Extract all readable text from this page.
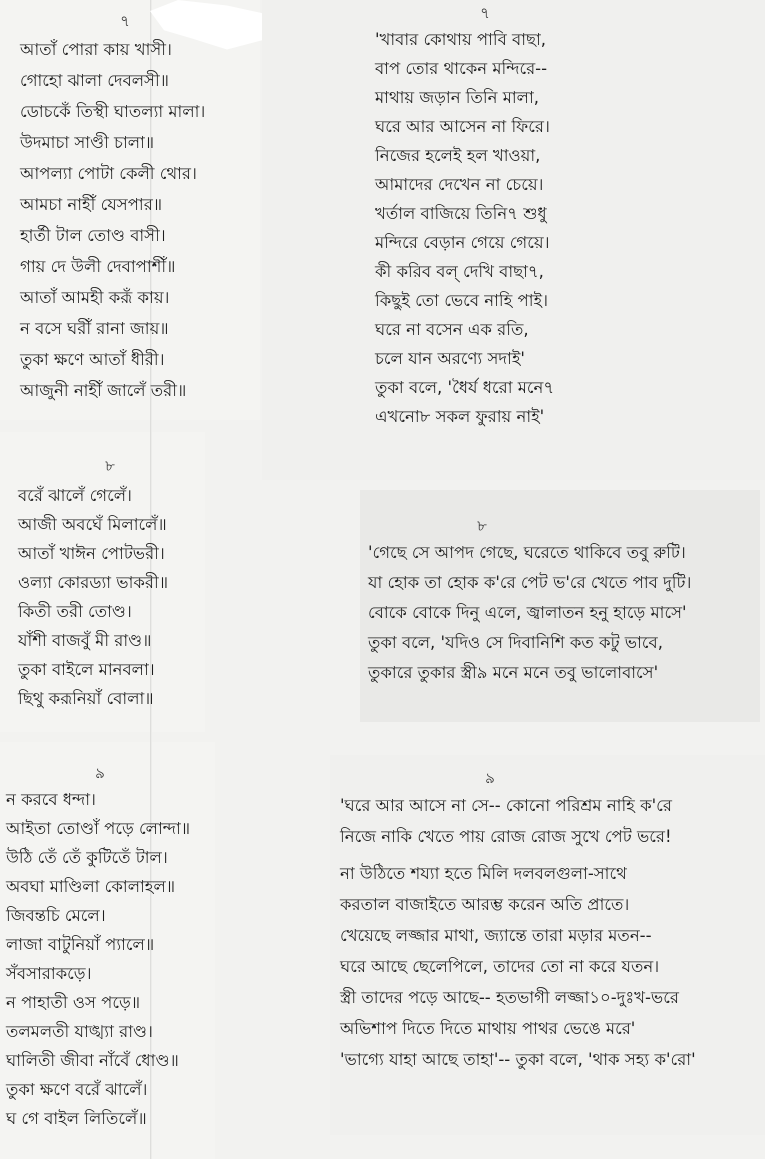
৭
আতাঁ পোরা কায় খাসী।
গোহো ঝালা দেবলসী॥
ডোচকেঁ তিস্থী ঘাতল্যা মালা।
উদমাচা সাণ্ডী চালা॥
আপল্যা পোটা কেলী থোর।
আমচা নাহীঁ যেসপার॥
হার্তী টাল তোণ্ড বাসী।
গায় দে উলী দেবাপাশীঁ॥
আতাঁ আমহী করূঁ কায়।
ন বসে ঘরীঁ রানা জায়॥
তুকা ক্ষণে আতাঁ ধীরী।
আজুনী নাহীঁ জালেঁ তরী॥
৮
বরেঁ ঝালেঁ গেলেঁ।
আজী অবঘেঁ মিলালেঁ॥
আতাঁ খাঈন পোটভরী।
ওল্যা কোরড্যা ভাকরী॥
কিতী তরী তোণ্ড।
যাঁশী বাজবুঁ মী রাণ্ড॥
তুকা বাইলে মানবলা।
ছিথু করূনিয়াঁ বোলা॥
৯
ন করবে ধন্দা।
আইতা তোণ্ডাঁ পড়ে লোন্দা॥
উঠি তেঁ তেঁ কুটিতেঁ টাল।
অবঘা মাণ্ডিলা কোলাহল॥
জিবন্তচি মেলে।
লাজা বাটুনিয়াঁ প্যালে॥
সঁবসারাকড়ে।
ন পাহাতী ওস পড়ে॥
তলমলতী যাঙ্খ্যা রাণ্ড।
ঘালিতী জীবা নাঁবেঁ ধোণ্ড॥
তুকা ক্ষণে বরেঁ ঝালেঁ।
ঘ গে বাইল লিতিলেঁ॥
৭
'খাবার কোথায় পাবি বাছা,
বাপ তোর থাকেন মন্দিরে--
মাথায় জড়ান তিনি মালা,
ঘরে আর আসেন না ফিরে।
নিজের হলেই হল খাওয়া,
আমাদের দেখেন না চেয়ে।
খর্তাল বাজিয়ে তিনি৭ শুধু
মন্দিরে বেড়ান গেয়ে গেয়ে।
কী করিব বল্ দেখি বাছা৭,
কিছুই তো ভেবে নাহি পাই।
ঘরে না বসেন এক রতি,
চলে যান অরণ্যে সদাই'
তুকা বলে, 'ধৈর্য ধরো মনে৭
এখনো৮ সকল ফুরায় নাই'
৮
'গেছে সে আপদ গেছে, ঘরেতে থাকিবে তবু রুটি।
যা হোক তা হোক ক'রে পেট ভ'রে খেতে পাব দুটি।
বোকে বোকে দিনু এলে, জ্বালাতন হনু হাড়ে মাসে'
তুকা বলে, 'যদিও সে দিবানিশি কত কটু ভাবে,
তুকারে তুকার স্ত্রী৯ মনে মনে তবু ভালোবাসে'
৯
'ঘরে আর আসে না সে-- কোনো পরিশ্রম নাহি ক'রে
নিজে নাকি খেতে পায় রোজ রোজ সুখে পেট ভরে!
না উঠিতে শয্যা হতে মিলি দলবলগুলা-সাথে
করতাল বাজাইতে আরম্ভ করেন অতি প্রাতে।
খেয়েছে লজ্জার মাথা, জ্যান্তে তারা মড়ার মতন--
ঘরে আছে ছেলেপিলে, তাদের তো না করে যতন।
স্ত্রী তাদের পড়ে আছে-- হতভাগী লজ্জা১০-দুঃখ-ভরে
অভিশাপ দিতে দিতে মাথায় পাথর ভেঙে মরে'
'ভাগ্যে যাহা আছে তাহা'-- তুকা বলে, 'থাক সহ্য ক'রো'
